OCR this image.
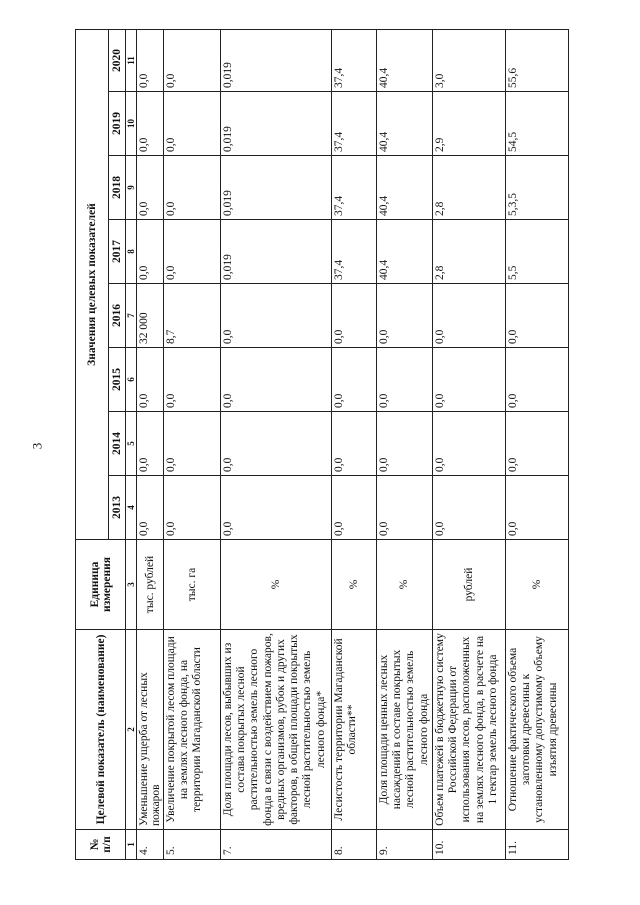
3
№ п/п	Целевой показатель (наименование)	Единица измерения	Значения целевых показателей							
			2013	2014	2015	2016	2017	2018	2019	2020
1	2	3	4	5	6	7	8	9	10	11
4.	Уменьшение ущерба от лесных пожаров	тыс. рублей	0,0	0,0	0,0	32 000	0,0	0,0	0,0	0,0
5.	Увеличение покрытой лесом площади на землях лесного фонда, на территории Магаданской области	тыс. га	0,0	0,0	0,0	8,7	0,0	0,0	0,0	0,0
7.	Доля площади лесов, выбывших из состава покрытых лесной растительностью земель лесного фонда в связи с воздействием пожаров, вредных организмов, рубок и других факторов, в общей площади покрытых лесной растительностью земель лесного фонда*	%	0,0	0,0	0,0	0,0	0,019	0,019	0,019	0,019
8.	Лесистость территории Магаданской области**	%	0,0	0,0	0,0	0,0	37,4	37,4	37,4	37,4
9.	Доля площади ценных лесных насаждений в составе покрытых лесной растительностью земель лесного фонда	%	0,0	0,0	0,0	0,0	40,4	40,4	40,4	40,4
10.	Объем платежей в бюджетную систему Российской Федерации от использования лесов, расположенных на землях лесного фонда, в расчете на 1 гектар земель лесного фонда	рублей	0,0	0,0	0,0	0,0	2,8	2,8	2,9	3,0
11.	Отношение фактического объема заготовки древесины к установленному допустимому объему изъятия древесины	%	0,0	0,0	0,0	0,0	5,5	5,3,5	54,5	55,6
